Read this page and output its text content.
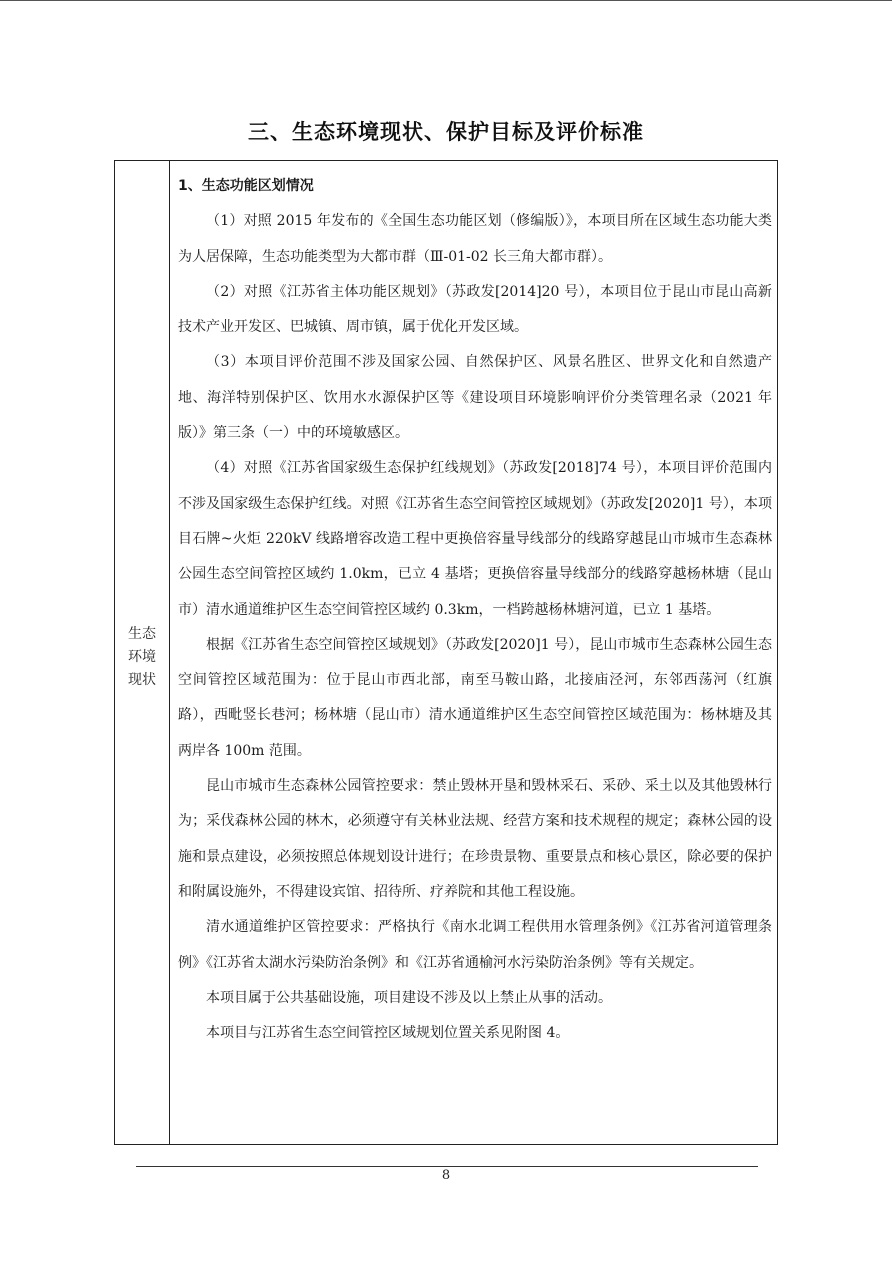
三、生态环境现状、保护目标及评价标准
生态
环境
现状

1、生态功能区划情况

（1）对照 2015 年发布的《全国生态功能区划（修编版）》，本项目所在区域生态功能大类为人居保障，生态功能类型为大都市群（Ⅲ-01-02 长三角大都市群）。

（2）对照《江苏省主体功能区规划》（苏政发[2014]20 号），本项目位于昆山市昆山高新技术产业开发区、巴城镇、周市镇，属于优化开发区域。

（3）本项目评价范围不涉及国家公园、自然保护区、风景名胜区、世界文化和自然遗产地、海洋特别保护区、饮用水水源保护区等《建设项目环境影响评价分类管理名录（2021 年版）》第三条（一）中的环境敏感区。

（4）对照《江苏省国家级生态保护红线规划》（苏政发[2018]74 号），本项目评价范围内不涉及国家级生态保护红线。对照《江苏省生态空间管控区域规划》（苏政发[2020]1 号），本项目石牌~火炬 220kV 线路增容改造工程中更换倍容量导线部分的线路穿越昆山市城市生态森林公园生态空间管控区域约 1.0km，已立 4 基塔；更换倍容量导线部分的线路穿越杨林塘（昆山市）清水通道维护区生态空间管控区域约 0.3km，一档跨越杨林塘河道，已立 1 基塔。

根据《江苏省生态空间管控区域规划》（苏政发[2020]1 号），昆山市城市生态森林公园生态空间管控区域范围为：位于昆山市西北部，南至马鞍山路，北接庙泾河，东邻西荡河（红旗路），西毗竖长巷河；杨林塘（昆山市）清水通道维护区生态空间管控区域范围为：杨林塘及其两岸各 100m 范围。

昆山市城市生态森林公园管控要求：禁止毁林开垦和毁林采石、采砂、采土以及其他毁林行为；采伐森林公园的林木，必须遵守有关林业法规、经营方案和技术规程的规定；森林公园的设施和景点建设，必须按照总体规划设计进行；在珍贵景物、重要景点和核心景区，除必要的保护和附属设施外，不得建设宾馆、招待所、疗养院和其他工程设施。

清水通道维护区管控要求：严格执行《南水北调工程供用水管理条例》《江苏省河道管理条例》《江苏省太湖水污染防治条例》和《江苏省通榆河水污染防治条例》等有关规定。

本项目属于公共基础设施，项目建设不涉及以上禁止从事的活动。

本项目与江苏省生态空间管控区域规划位置关系见附图 4。

8
